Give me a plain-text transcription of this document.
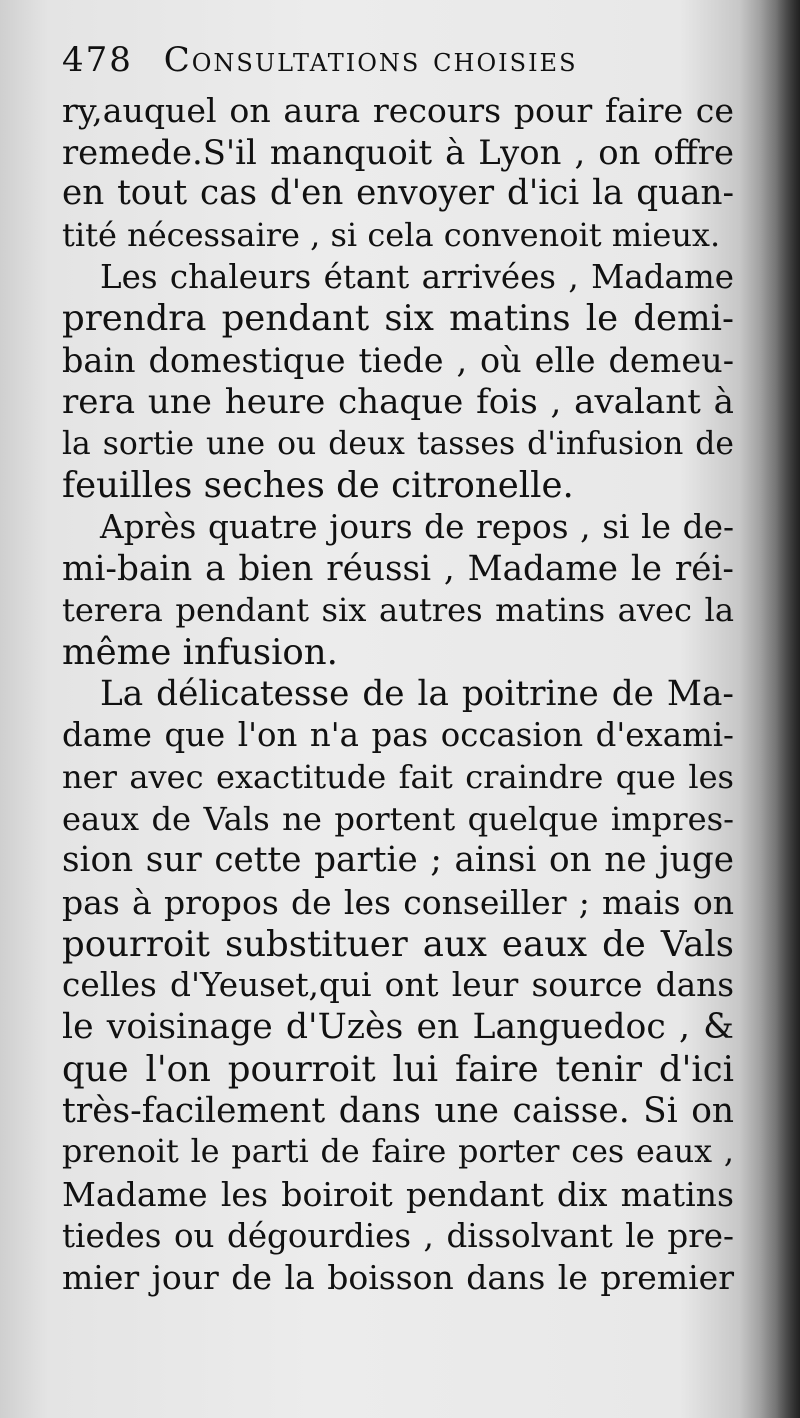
478 Consultations choisies
ry,auquel on aura recours pour faire ce
remede.S'il manquoit à Lyon , on offre
en tout cas d'en envoyer d'ici la quan-
tité nécessaire , si cela convenoit mieux.
Les chaleurs étant arrivées , Madame
prendra pendant six matins le demi-
bain domestique tiede , où elle demeu-
rera une heure chaque fois , avalant à
la sortie une ou deux tasses d'infusion de
feuilles seches de citronelle.
Après quatre jours de repos , si le de-
mi-bain a bien réussi , Madame le réi-
terera pendant six autres matins avec la
même infusion.
La délicatesse de la poitrine de Ma-
dame que l'on n'a pas occasion d'exami-
ner avec exactitude fait craindre que les
eaux de Vals ne portent quelque impres-
sion sur cette partie ; ainsi on ne juge
pas à propos de les conseiller ; mais on
pourroit substituer aux eaux de Vals
celles d'Yeuset,qui ont leur source dans
le voisinage d'Uzès en Languedoc , &
que l'on pourroit lui faire tenir d'ici
très-facilement dans une caisse. Si on
prenoit le parti de faire porter ces eaux ,
Madame les boiroit pendant dix matins
tiedes ou dégourdies , dissolvant le pre-
mier jour de la boisson dans le premier
